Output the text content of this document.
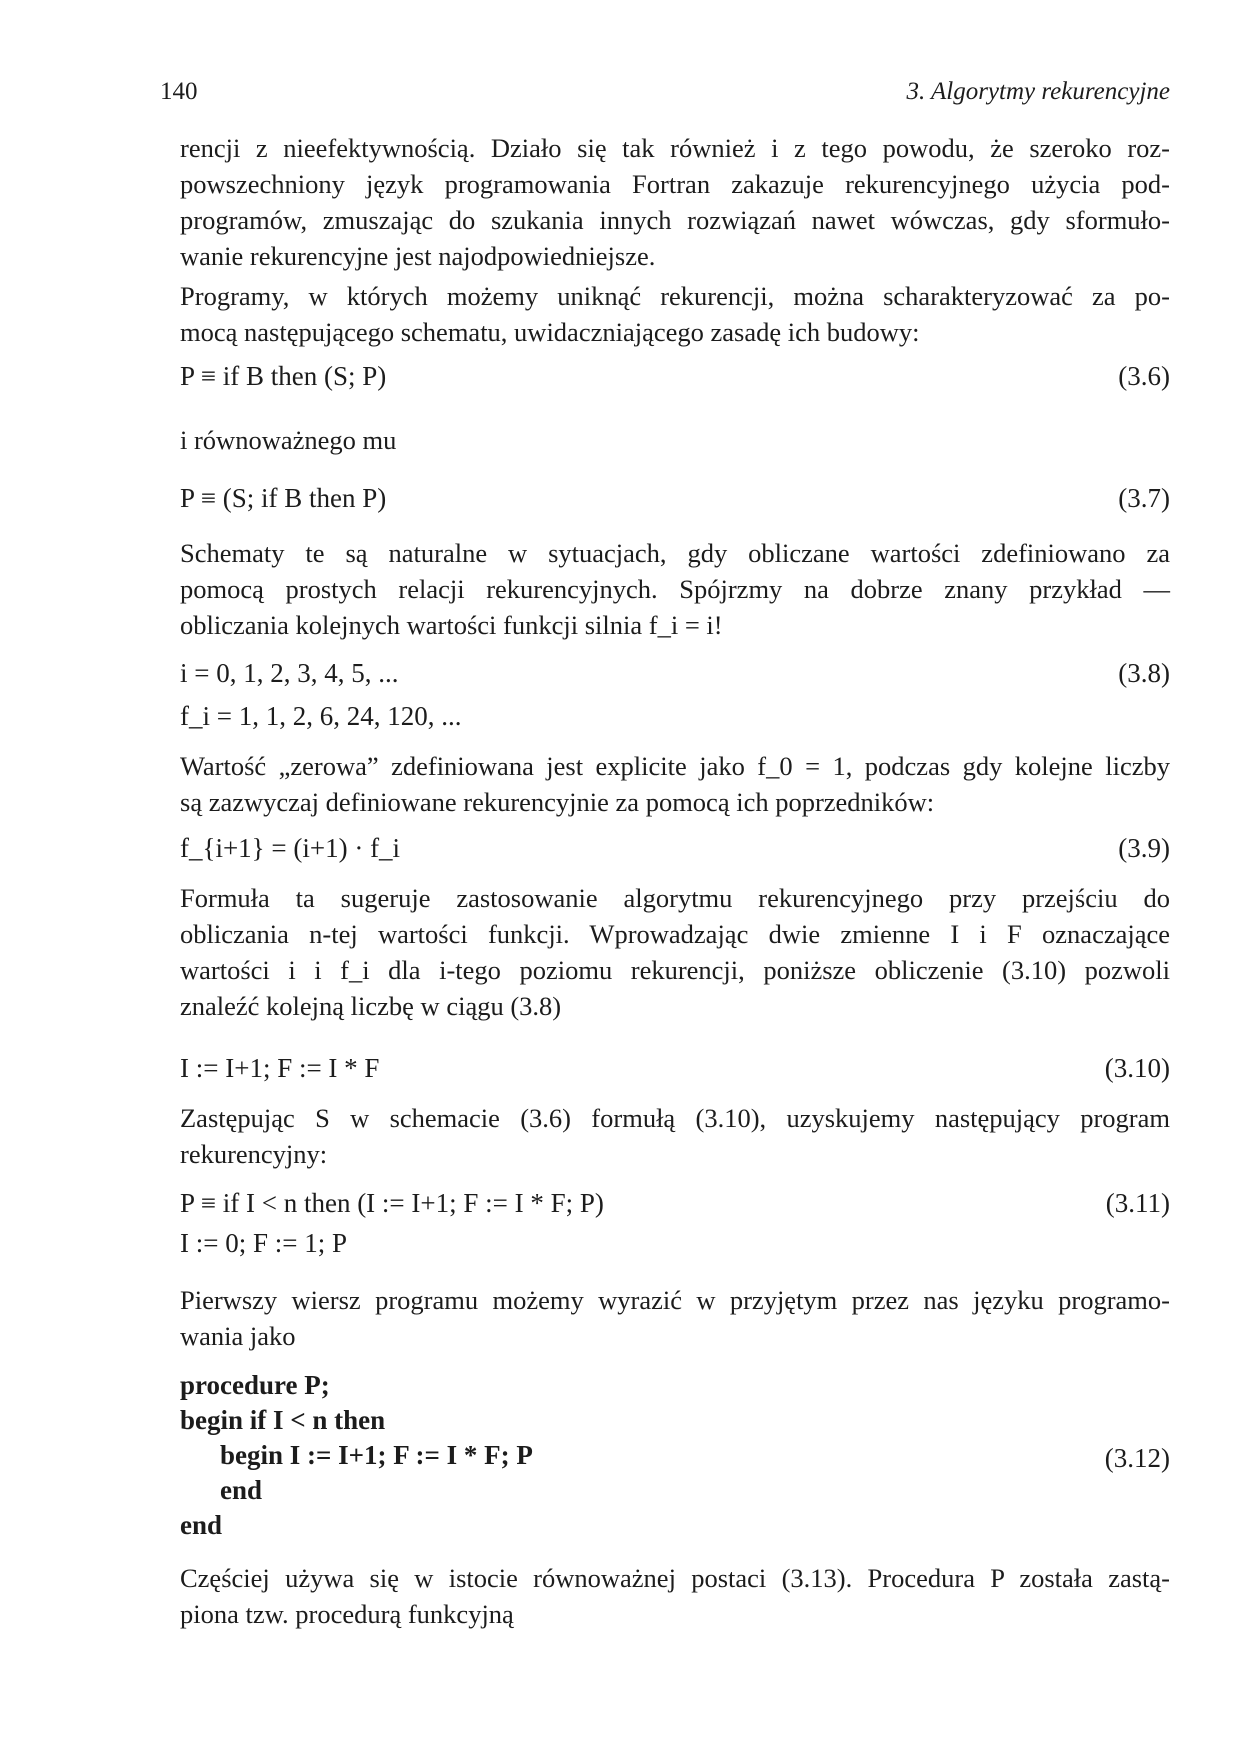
140	3. Algorytmy rekurencyjne

rencji z nieefektywnością. Działo się tak również i z tego powodu, że szeroko roz-
powszechniony język programowania Fortran zakazuje rekurencyjnego użycia pod-
programów, zmuszając do szukania innych rozwiązań nawet wówczas, gdy sformuło-
wanie rekurencyjne jest najodpowiedniejsze.

Programy, w których możemy uniknąć rekurencji, można scharakteryzować za po-
mocą następującego schematu, uwidaczniającego zasadę ich budowy:

P ≡ if B then (S; P)	(3.6)

i równoważnego mu

P ≡ (S; if B then P)	(3.7)

Schematy te są naturalne w sytuacjach, gdy obliczane wartości zdefiniowano za
pomocą prostych relacji rekurencyjnych. Spójrzmy na dobrze znany przykład —
obliczania kolejnych wartości funkcji silnia f_i = i!

i = 0, 1, 2, 3, 4, 5, ...	(3.8)
f_i = 1, 1, 2, 6, 24, 120, ...

Wartość „zerowa” zdefiniowana jest explicite jako f_0 = 1, podczas gdy kolejne liczby
są zazwyczaj definiowane rekurencyjnie za pomocą ich poprzedników:

f_{i+1} = (i+1) · f_i	(3.9)

Formuła ta sugeruje zastosowanie algorytmu rekurencyjnego przy przejściu do
obliczania n-tej wartości funkcji. Wprowadzając dwie zmienne I i F oznaczające
wartości i i f_i dla i-tego poziomu rekurencji, poniższe obliczenie (3.10) pozwoli
znaleźć kolejną liczbę w ciągu (3.8)

I := I+1; F := I * F	(3.10)

Zastępując S w schemacie (3.6) formułą (3.10), uzyskujemy następujący program
rekurencyjny:

P ≡ if I < n then (I := I+1; F := I * F; P)	(3.11)
I := 0; F := 1; P

Pierwszy wiersz programu możemy wyrazić w przyjętym przez nas języku programo-
wania jako

procedure P;
begin if I < n then
begin I := I+1; F := I * F; P
end
end
(3.12)

Częściej używa się w istocie równoważnej postaci (3.13). Procedura P została zastą-
piona tzw. procedurą funkcyjną
